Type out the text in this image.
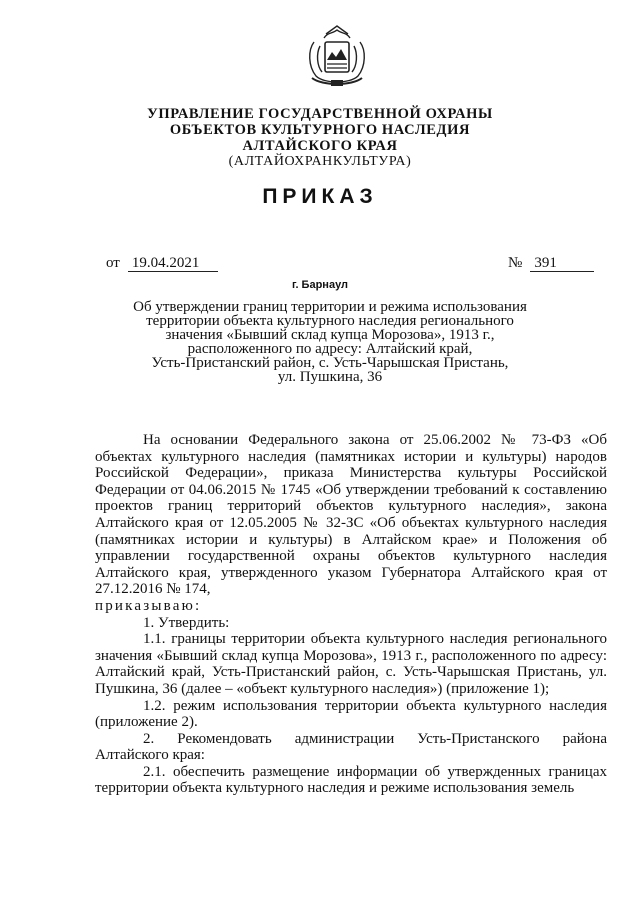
УПРАВЛЕНИЕ ГОСУДАРСТВЕННОЙ ОХРАНЫ
ОБЪЕКТОВ КУЛЬТУРНОГО НАСЛЕДИЯ
АЛТАЙСКОГО КРАЯ
(АЛТАЙОХРАНКУЛЬТУРА)
ПРИКАЗ
от 19.04.2021	№ 391
г. Барнаул
Об утверждении границ территории и режима использования
территории объекта культурного наследия регионального
значения «Бывший склад купца Морозова», 1913 г.,
расположенного по адресу: Алтайский край,
Усть-Пристанский район, с. Усть-Чарышская Пристань,
ул. Пушкина, 36

На основании Федерального закона от 25.06.2002 № 73-ФЗ «Об объектах культурного наследия (памятниках истории и культуры) народов Российской Федерации», приказа Министерства культуры Российской Федерации от 04.06.2015 № 1745 «Об утверждении требований к составлению проектов границ территорий объектов культурного наследия», закона Алтайского края от 12.05.2005 № 32-ЗС «Об объектах культурного наследия (памятниках истории и культуры) в Алтайском крае» и Положения об управлении государственной охраны объектов культурного наследия Алтайского края, утвержденного указом Губернатора Алтайского края от 27.12.2016 № 174,

приказываю:

1. Утвердить:

1.1. границы территории объекта культурного наследия регионального значения «Бывший склад купца Морозова», 1913 г., расположенного по адресу: Алтайский край, Усть-Пристанский район, с. Усть-Чарышская Пристань, ул. Пушкина, 36 (далее – «объект культурного наследия») (приложение 1);

1.2. режим использования территории объекта культурного наследия (приложение 2).

2. Рекомендовать администрации Усть-Пристанского района Алтайского края:

2.1. обеспечить размещение информации об утвержденных границах территории объекта культурного наследия и режиме использования земель
